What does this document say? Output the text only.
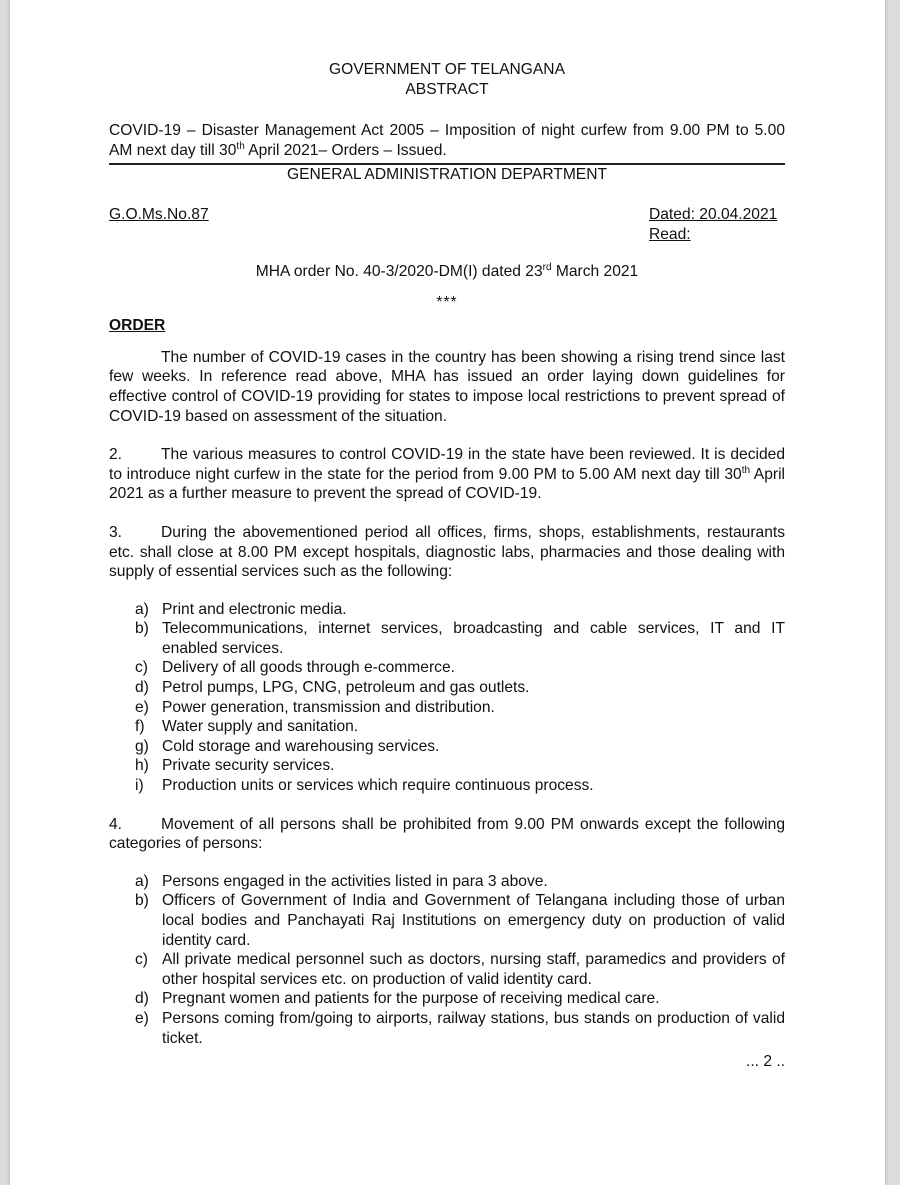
GOVERNMENT OF TELANGANA
ABSTRACT
COVID-19 – Disaster Management Act 2005 – Imposition of night curfew from 9.00 PM to 5.00 AM next day till 30th April 2021– Orders – Issued.
GENERAL ADMINISTRATION DEPARTMENT
G.O.Ms.No.87	Dated: 20.04.2021
Read:
MHA order No. 40-3/2020-DM(I) dated 23rd March 2021
***
ORDER

The number of COVID-19 cases in the country has been showing a rising trend since last few weeks. In reference read above, MHA has issued an order laying down guidelines for effective control of COVID-19 providing for states to impose local restrictions to prevent spread of COVID-19 based on assessment of the situation.

2. The various measures to control COVID-19 in the state have been reviewed. It is decided to introduce night curfew in the state for the period from 9.00 PM to 5.00 AM next day till 30th April 2021 as a further measure to prevent the spread of COVID-19.

3. During the abovementioned period all offices, firms, shops, establishments, restaurants etc. shall close at 8.00 PM except hospitals, diagnostic labs, pharmacies and those dealing with supply of essential services such as the following:

a) Print and electronic media.
b) Telecommunications, internet services, broadcasting and cable services, IT and IT enabled services.
c) Delivery of all goods through e-commerce.
d) Petrol pumps, LPG, CNG, petroleum and gas outlets.
e) Power generation, transmission and distribution.
f) Water supply and sanitation.
g) Cold storage and warehousing services.
h) Private security services.
i) Production units or services which require continuous process.

4. Movement of all persons shall be prohibited from 9.00 PM onwards except the following categories of persons:

a) Persons engaged in the activities listed in para 3 above.
b) Officers of Government of India and Government of Telangana including those of urban local bodies and Panchayati Raj Institutions on emergency duty on production of valid identity card.
c) All private medical personnel such as doctors, nursing staff, paramedics and providers of other hospital services etc. on production of valid identity card.
d) Pregnant women and patients for the purpose of receiving medical care.
e) Persons coming from/going to airports, railway stations, bus stands on production of valid ticket.
... 2 ..
